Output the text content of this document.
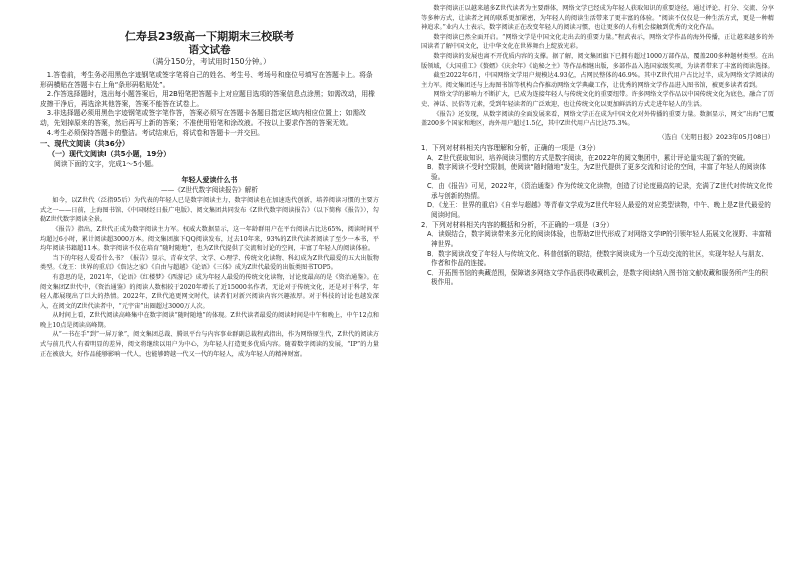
仁寿县23级高一下期期末三校联考
语文试卷
（满分150分，考试用时150分钟。）

1.答卷前，考生务必用黑色字迹钢笔或签字笔将自己的姓名、考生号、考场号和座位号填写在答题卡上。将条形码横贴在答题卡右上角“条形码粘贴处”。

2.作答选择题时，选出每小题答案后，用2B铅笔把答题卡上对应题目选项的答案信息点涂黑；如需改动，用橡皮擦干净后，再选涂其他答案，答案不能答在试卷上。

3.非选择题必须用黑色字迹钢笔或签字笔作答，答案必须写在答题卡各题目指定区域内相应位置上；如需改动，先划掉原来的答案，然后再写上新的答案；不准使用铅笔和涂改液。不按以上要求作答的答案无效。

4.考生必须保持答题卡的整洁。考试结束后，将试卷和答题卡一并交回。

一、现代文阅读（共36分）
（一）现代文阅读Ⅰ（共5小题，19分）
阅读下面的文字，完成1～5小题。
年轻人爱读什么书
——《Z世代数字阅读报告》解析

如今，以Z世代（泛指95后）为代表的年轻人已是数字阅读主力，数字阅读也在加速迭代创新，培养阅读习惯的主要方式之一——日前，上海图书馆、《中国财经日报广电版》、阅文集团共同发布《Z世代数字阅读报告》（以下简称《报告》），勾勒Z世代数字阅读全景。

《报告》指出，Z世代正成为数字阅读主力军。权威大数据显示，这一年龄群用户在平台阅读占比达65%，阅读时间平均超过6小时，累计阅读超3000万本。阅文集团旗下QQ阅读发布，过去10年来，93%的Z世代读者阅读了至少一本书，平均年阅读书籍超11本。数字阅读不仅在培育“随时随地”，也为Z世代提供了交流和讨论的空间，丰富了年轻人的阅读体验。

当下的年轻人爱看什么书？《报告》显示，青春文学、文学、心理学、传统文化读物、科幻成为Z世代最爱的五大出版物类型。《龙王：世界的重启》《詹达之家》《自由与超越》《论语》《三体》成为Z世代最爱的出版类图书TOP5。

有意思的是，2021年，《论语》《红楼梦》《西游记》成为年轻人最爱的传统文化读物，讨论度最高的是《资治通鉴》。在阅文集团Z世代中，《资治通鉴》的阅读人数相较于2020年增长了近15000名作者，无论对于传统文化，还是对于科学，年轻人都展现出了巨大的热情。2022年，Z世代追更网文时代，读者们对新兴阅读内容兴趣浓厚。对于科技的讨论也越发深入，在阅文的Z世代读者中，“元宇宙”出圈超过3000万人次。

从时间上看，Z世代阅读高峰集中在数字阅读“随时随地”的体现。Z世代读者最爱的阅读时间是中午和晚上，中午12点和晚上10点是阅读高峰期。

从“一书在手”到“一屏万象”，阅文集团总裁、腾讯平台与内容事业群副总裁程武指出，作为网络原生代，Z世代的阅读方式与前几代人有着明显的差异，阅文将继续以用户为中心，为年轻人打造更多优质内容。随着数字阅读的发展，“IP”的力量正在被放大，好作品能够影响一代人，也能够跨越一代又一代的年轻人，成为年轻人的精神财富。

数字阅读正以越来越多Z世代读者为主要群体，网络文学已经成为年轻人获取知识的重要途径，通过评论、打分、交流、分享等多种方式，让读者之间的联系更加紧密，为年轻人的阅读生活带来了更丰富的体验。“阅读不仅仅是一种生活方式，更是一种精神追求。”业内人士表示，数字阅读正在改变年轻人的阅读习惯，也让更多的人有机会接触到优秀的文化作品。

数字阅读已然全面开启。“网络文学是中国文化走出去的重要力量。”程武表示，网络文学作品的海外传播，正让越来越多的外国读者了解中国文化，让中华文化在世界舞台上绽放光彩。

数字阅读的发展也离不开优质内容的支撑。据了解，阅文集团旗下已拥有超过1000万部作品，覆盖200多种题材类型。在出版领域，《大国重工》《赘婿》《庆余年》《诡秘之主》等作品相继出版，多部作品入选国家级奖项，为读者带来了丰富的阅读选择。

截至2022年6月，中国网络文学用户规模达4.93亿，占网民整体的46.9%。其中Z世代用户占比过半，成为网络文学阅读的主力军。阅文集团还与上海图书馆等机构合作推动网络文学典藏工作，让优秀的网络文学作品进入图书馆，被更多读者看到。

网络文学的影响力不断扩大，已成为连接年轻人与传统文化的重要纽带。许多网络文学作品以中国传统文化为底色，融合了历史、神话、民俗等元素，受到年轻读者的广泛欢迎，也让传统文化以更加鲜活的方式走进年轻人的生活。

《报告》还发现，从数字阅读的全面发展来看，网络文学正在成为中国文化对外传播的重要力量。数据显示，网文“出海”已覆盖200多个国家和地区，海外用户超过1.5亿，其中Z世代用户占比达75.3%。

（选自《光明日报》2023年05月08日）

1．下列对材料相关内容理解和分析，正确的一项是（3分）

A．Z世代获取知识、培养阅读习惯的方式是数字阅读，在2022年的阅文集团中，累计评论量实现了新的突破。

B．数字阅读不受时空限制，使阅读“随时随地”发生，为Z世代提供了更多交流和讨论的空间，丰富了年轻人的阅读体验。

C．由《报告》可见，2022年，《资治通鉴》作为传统文化读物，创造了讨论度最高的记录，充满了Z世代对传统文化传承与创新的热情。

D．《龙王：世界的重启》《自幸与超越》等青春文学成为Z世代年轻人最爱的对应类型读物，中午、晚上是Z世代最爱的阅读时间。

2．下列对材料相关内容的概括和分析，不正确的一项是（3分）

A．读娱结合，数字阅读带来多元化的阅读体验，也帮助Z世代形成了对网络文学IP的引领年轻人拓展文化视野、丰富精神世界。

B．数字阅读改变了年轻人与传统文化、科普创新的联结，使数字阅读成为一个互动交流的社区，实现年轻人与朋友、作者和作品的连接。

C．开拓图书馆的典藏范围，保障诸多网络文学作品获得收藏机会，是数字阅读纳入图书馆文献收藏和服务所产生的积极作用。
